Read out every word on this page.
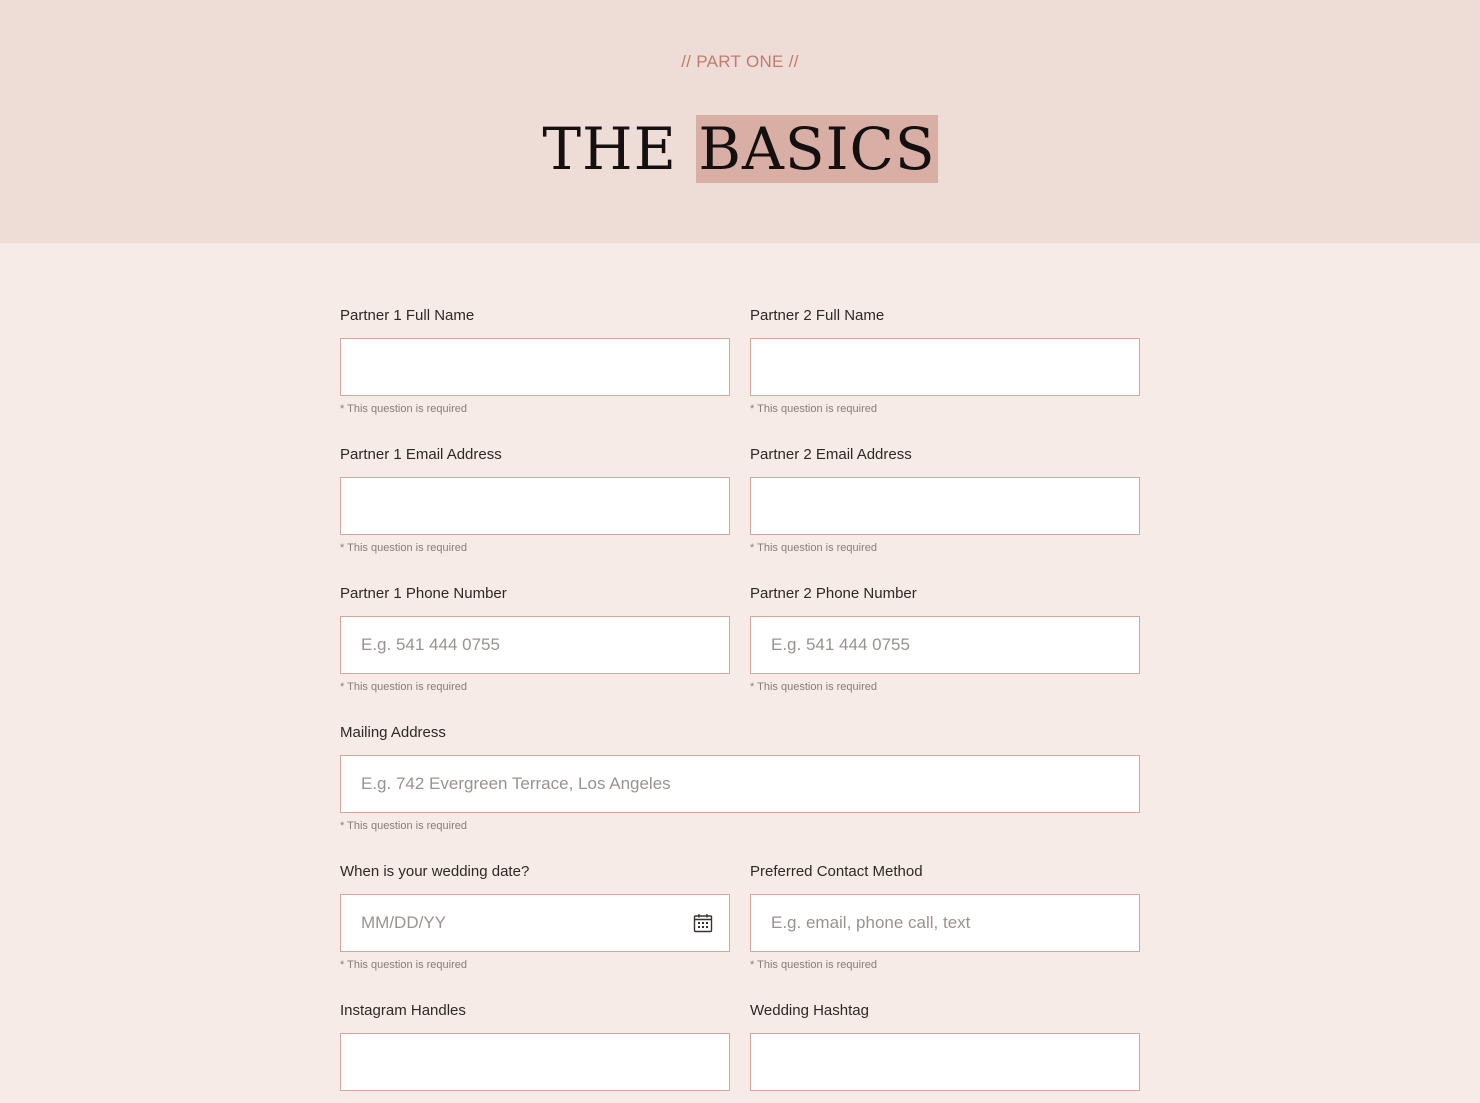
// PART ONE //
THE BASICS
Partner 1 Full Name
* This question is required
Partner 2 Full Name
* This question is required
Partner 1 Email Address
* This question is required
Partner 2 Email Address
* This question is required
Partner 1 Phone Number
E.g. 541 444 0755
* This question is required
Partner 2 Phone Number
E.g. 541 444 0755
* This question is required
Mailing Address
E.g. 742 Evergreen Terrace, Los Angeles
* This question is required
When is your wedding date?
MM/DD/YY
* This question is required
Preferred Contact Method
E.g. email, phone call, text
* This question is required
Instagram Handles	Wedding Hashtag
